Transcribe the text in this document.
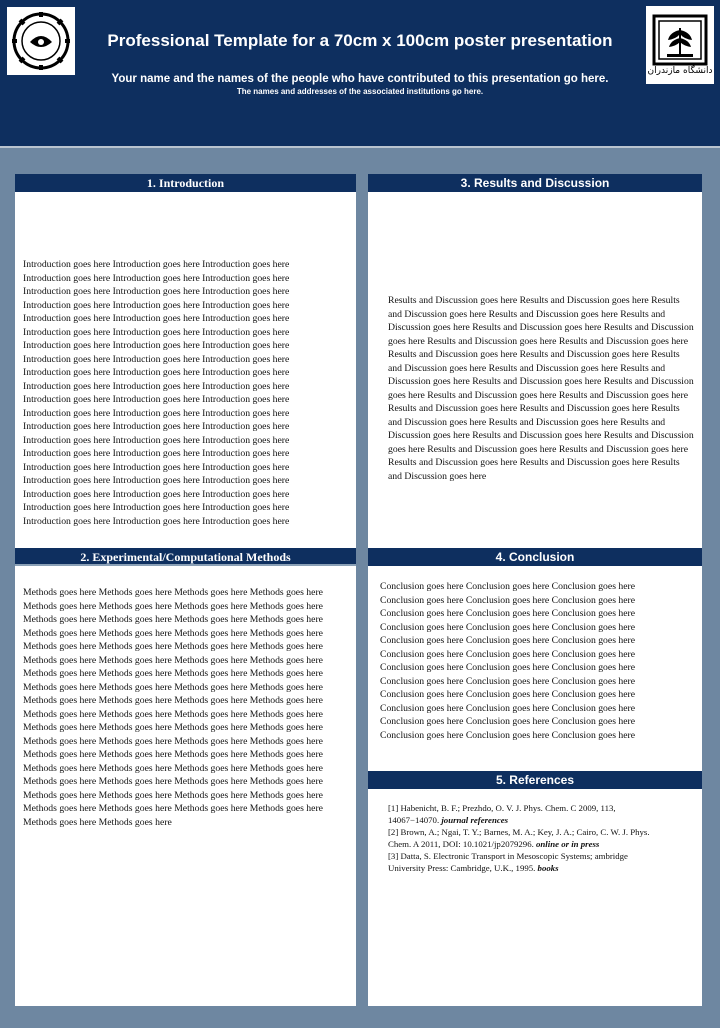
Professional Template for a 70cm x 100cm poster presentation
Your name and the names of the people who have contributed to this presentation go here.
The names and addresses of the associated institutions go here.
دانشگاه مازندران
1. Introduction
Introduction goes here Introduction goes here Introduction goes here Introduction goes here Introduction goes here Introduction goes here Introduction goes here Introduction goes here Introduction goes here Introduction goes here Introduction goes here Introduction goes here Introduction goes here Introduction goes here Introduction goes here Introduction goes here Introduction goes here Introduction goes here Introduction goes here Introduction goes here Introduction goes here Introduction goes here Introduction goes here Introduction goes here Introduction goes here Introduction goes here Introduction goes here Introduction goes here Introduction goes here Introduction goes here Introduction goes here Introduction goes here Introduction goes here Introduction goes here Introduction goes here Introduction goes here Introduction goes here Introduction goes here Introduction goes here Introduction goes here Introduction goes here Introduction goes here Introduction goes here Introduction goes here Introduction goes here Introduction goes here Introduction goes here Introduction goes here Introduction goes here Introduction goes here Introduction goes here Introduction goes here Introduction goes here Introduction goes here Introduction goes here Introduction goes here Introduction goes here Introduction goes here Introduction goes here Introduction goes here
2. Experimental/Computational Methods
Methods goes here Methods goes here Methods goes here Methods goes here Methods goes here Methods goes here Methods goes here Methods goes here Methods goes here Methods goes here Methods goes here Methods goes here Methods goes here Methods goes here Methods goes here Methods goes here Methods goes here Methods goes here Methods goes here Methods goes here Methods goes here Methods goes here Methods goes here Methods goes here Methods goes here Methods goes here Methods goes here Methods goes here Methods goes here Methods goes here Methods goes here Methods goes here Methods goes here Methods goes here Methods goes here Methods goes here Methods goes here Methods goes here Methods goes here Methods goes here Methods goes here Methods goes here Methods goes here Methods goes here Methods goes here Methods goes here Methods goes here Methods goes here Methods goes here Methods goes here Methods goes here Methods goes here Methods goes here Methods goes here Methods goes here Methods goes here Methods goes here Methods goes here Methods goes here Methods goes here Methods goes here Methods goes here Methods goes here Methods goes here Methods goes here Methods goes here Methods goes here Methods goes here Methods goes here Methods goes here
3. Results and Discussion
Results and Discussion goes here Results and Discussion goes here Results and Discussion goes here Results and Discussion goes here Results and Discussion goes here Results and Discussion goes here Results and Discussion goes here Results and Discussion goes here Results and Discussion goes here Results and Discussion goes here Results and Discussion goes here Results and Discussion goes here Results and Discussion goes here Results and Discussion goes here Results and Discussion goes here Results and Discussion goes here Results and Discussion goes here Results and Discussion goes here Results and Discussion goes here Results and Discussion goes here Results and Discussion goes here Results and Discussion goes here Results and Discussion goes here Results and Discussion goes here Results and Discussion goes here Results and Discussion goes here Results and Discussion goes here Results and Discussion goes here Results and Discussion goes here Results and Discussion goes here
4. Conclusion
Conclusion goes here Conclusion goes here Conclusion goes here Conclusion goes here Conclusion goes here Conclusion goes here Conclusion goes here Conclusion goes here Conclusion goes here Conclusion goes here Conclusion goes here Conclusion goes here Conclusion goes here Conclusion goes here Conclusion goes here Conclusion goes here Conclusion goes here Conclusion goes here Conclusion goes here Conclusion goes here Conclusion goes here Conclusion goes here Conclusion goes here Conclusion goes here Conclusion goes here Conclusion goes here Conclusion goes here Conclusion goes here Conclusion goes here Conclusion goes here Conclusion goes here Conclusion goes here Conclusion goes here Conclusion goes here Conclusion goes here Conclusion goes here
5. References
[1] Habenicht, B. F.; Prezhdo, O. V. J. Phys. Chem. C 2009, 113, 14067−14070. journal references
[2] Brown, A.; Ngai, T. Y.; Barnes, M. A.; Key, J. A.; Cairo, C. W. J. Phys. Chem. A 2011, DOI: 10.1021/jp2079296. online or in press
[3] Datta, S. Electronic Transport in Mesoscopic Systems; ambridge University Press: Cambridge, U.K., 1995. books
